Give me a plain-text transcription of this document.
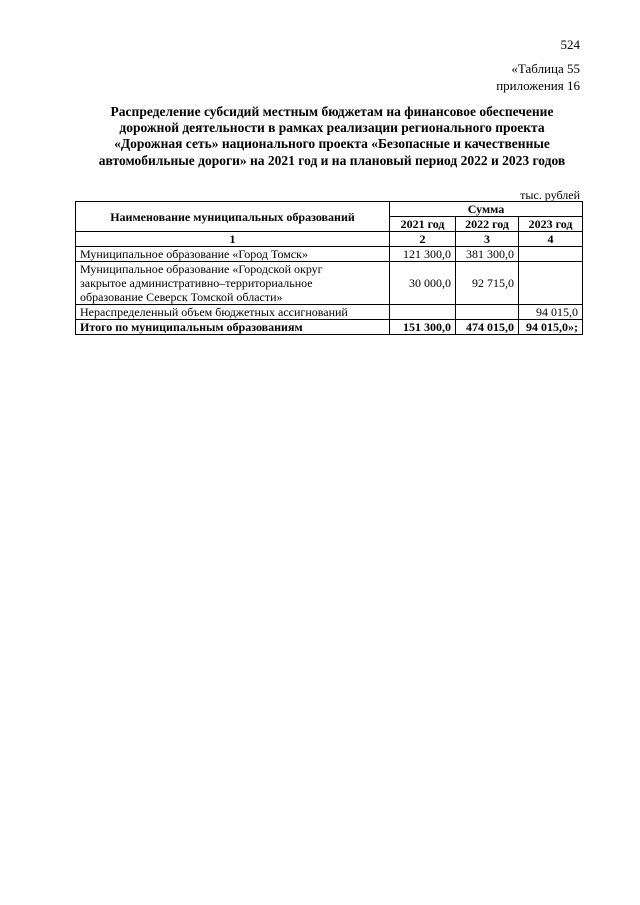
524
«Таблица 55
приложения 16
Распределение субсидий местным бюджетам на финансовое обеспечение
дорожной деятельности в рамках реализации регионального проекта
«Дорожная сеть» национального проекта «Безопасные и качественные
автомобильные дороги» на 2021 год и на плановый период 2022 и 2023 годов
тыс. рублей
Наименование муниципальных образований	Сумма		
	2021 год	2022 год	2023 год
1	2	3	4
Муниципальное образование «Город Томск»	121 300,0	381 300,0	

Муниципальное образование «Городской округ
закрытое административно–территориальное
образование Северск Томской области»	30 000,0	92 715,0	
Нераспределенный объем бюджетных ассигнований			94 015,0
Итого по муниципальным образованиям	151 300,0	474 015,0	94 015,0»;
